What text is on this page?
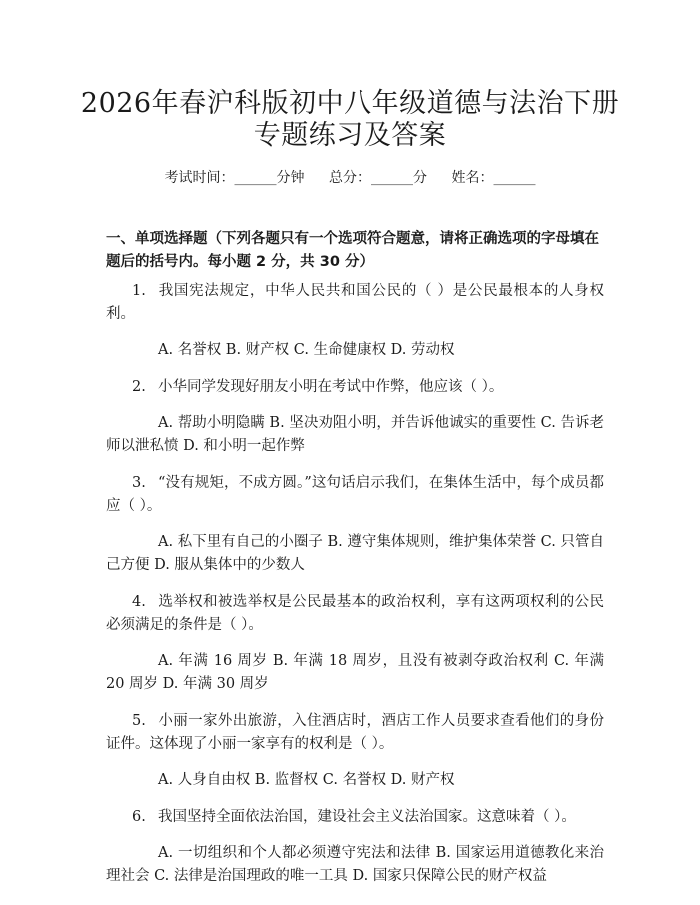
2026年春沪科版初中八年级道德与法治下册
专题练习及答案
考试时间：______分钟 总分：______分 姓名：______
一、单项选择题（下列各题只有一个选项符合题意，请将正确选项的字母填在题后的括号内。每小题 2 分，共 30 分）

1. 我国宪法规定，中华人民共和国公民的（ ）是公民最根本的人身权利。

A. 名誉权 B. 财产权 C. 生命健康权 D. 劳动权

2. 小华同学发现好朋友小明在考试中作弊，他应该（ ）。

A. 帮助小明隐瞒 B. 坚决劝阻小明，并告诉他诚实的重要性 C. 告诉老师以泄私愤 D. 和小明一起作弊

3. “没有规矩，不成方圆。”这句话启示我们，在集体生活中，每个成员都应（ ）。

A. 私下里有自己的小圈子 B. 遵守集体规则，维护集体荣誉 C. 只管自己方便 D. 服从集体中的少数人

4. 选举权和被选举权是公民最基本的政治权利，享有这两项权利的公民必须满足的条件是（ ）。

A. 年满 16 周岁 B. 年满 18 周岁，且没有被剥夺政治权利 C. 年满 20 周岁 D. 年满 30 周岁

5. 小丽一家外出旅游，入住酒店时，酒店工作人员要求查看他们的身份证件。这体现了小丽一家享有的权利是（ ）。

A. 人身自由权 B. 监督权 C. 名誉权 D. 财产权

6. 我国坚持全面依法治国，建设社会主义法治国家。这意味着（ ）。

A. 一切组织和个人都必须遵守宪法和法律 B. 国家运用道德教化来治理社会 C. 法律是治国理政的唯一工具 D. 国家只保障公民的财产权益
